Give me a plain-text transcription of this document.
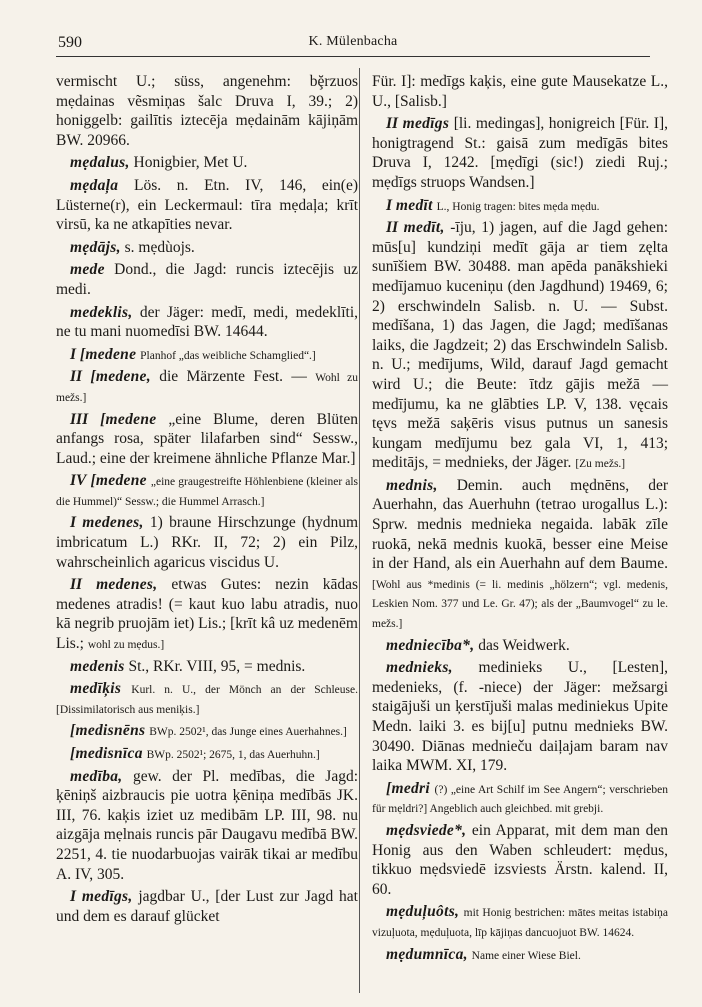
590	K. Mülenbacha

vermischt U.; süss, angenehm: bḝrzuos mẹdainas vẽsmiņas šalc Druva I, 39.; 2) honiggelb: gailītis iztecēja mẹdainām kājiņām BW. 20966.

mẹdalus, Honigbier, Met U.

mẹdaļa Lös. n. Etn. IV, 146, ein(e) Lüsterne(r), ein Leckermaul: tīra mẹdaļa; krīt virsū, ka ne atkapīties nevar.

mẹdājs, s. mẹdùojs.

mede Dond., die Jagd: runcis iztecējis uz medi.

medeklis, der Jäger: medī, medi, medeklīti, ne tu mani nuomedīsi BW. 14644.

I [medene Planhof „das weibliche Schamglied“.]

II [medene, die Märzente Fest. — Wohl zu mežs.]

III [medene „eine Blume, deren Blüten anfangs rosa, später lilafarben sind“ Sessw., Laud.; eine der kreimene ähnliche Pflanze Mar.]

IV [medene „eine graugestreifte Höhlenbiene (kleiner als die Hummel)“ Sessw.; die Hummel Arrasch.]

I medenes, 1) braune Hirschzunge (hydnum imbricatum L.) RKr. II, 72; 2) ein Pilz, wahrscheinlich agaricus viscidus U.

II medenes, etwas Gutes: nezin kādas medenes atradis! (= kaut kuo labu atradis, nuo kā negrib pruojām iet) Lis.; [krīt kâ uz medenēm Lis.; wohl zu mẹdus.]

medenis St., RKr. VIII, 95, = mednis.

medīķis Kurl. n. U., der Mönch an der Schleuse. [Dissimilatorisch aus meniķis.]

[medisnēns BWp. 2502¹, das Junge eines Auerhahnes.]

[medisnīca BWp. 2502¹; 2675, 1, das Auerhuhn.]

medība, gew. der Pl. medības, die Jagd: ķēniņš aizbraucis pie uotra ķēniņa medībās JK. III, 76. kaķis iziet uz medibām LP. III, 98. nu aizgāja mẹlnais runcis pār Daugavu medībā BW. 2251, 4. tie nuodarbuojas vairāk tikai ar medību A. IV, 305.

I medīgs, jagdbar U., [der Lust zur Jagd hat und dem es darauf glücket

Für. I]: medīgs kaķis, eine gute Mausekatze L., U., [Salisb.]

II medīgs [li. medingas], honigreich [Für. I], honigtragend St.: gaisā zum medīgās bites Druva I, 1242. [mẹdīgi (sic!) ziedi Ruj.; mẹdīgs struops Wandsen.]

I medīt L., Honig tragen: bites mẹda mẹdu.

II medīt, -īju, 1) jagen, auf die Jagd gehen: mūs[u] kundziņi medīt gāja ar tiem zęlta sunīšiem BW. 30488. man apēda panākshieki medījamuo kuceniņu (den Jagdhund) 19469, 6; 2) erschwindeln Salisb. n. U. — Subst. medīšana, 1) das Jagen, die Jagd; medīšanas laiks, die Jagdzeit; 2) das Erschwindeln Salisb. n. U.; medījums, Wild, darauf Jagd gemacht wird U.; die Beute: ītdz gājis mežā — medījumu, ka ne glābties LP. V, 138. vęcais tęvs mežā saķēris visus putnus un sanesis kungam medījumu bez gala VI, 1, 413; meditājs, = mednieks, der Jäger. [Zu mežs.]

mednis, Demin. auch mędnēns, der Auerhahn, das Auerhuhn (tetrao urogallus L.): Sprw. mednis mednieka negaida. labāk zīle ruokā, nekā mednis kuokā, besser eine Meise in der Hand, als ein Auerhahn auf dem Baume. [Wohl aus *medinis (= li. medinis „hölzern“; vgl. medenis, Leskien Nom. 377 und Le. Gr. 47); als der „Baumvogel“ zu le. mežs.]

medniecība*, das Weidwerk.

mednieks, medinieks U., [Lesten], medenieks, (f. -niece) der Jäger: mežsargi staigājuši un ķerstījuši malas mediniekus Upite Medn. laiki 3. es bij[u] putnu mednieks BW. 30490. Diānas mednieču daiļajam baram nav laika MWM. XI, 179.

[medri (?) „eine Art Schilf im See Angern“; verschrieben für mẹldri?] Angeblich auch gleichbed. mit grebji.

mẹdsviede*, ein Apparat, mit dem man den Honig aus den Waben schleudert: mẹdus, tikkuo mẹdsviedē izsviests Ärstn. kalend. II, 60.

mẹduļuôts, mit Honig bestrichen: mātes meitas istabiņa vizuļuota, mẹduļuota, līp kājiņas dancuojuot BW. 14624.

mẹdumnīca, Name einer Wiese Biel.
